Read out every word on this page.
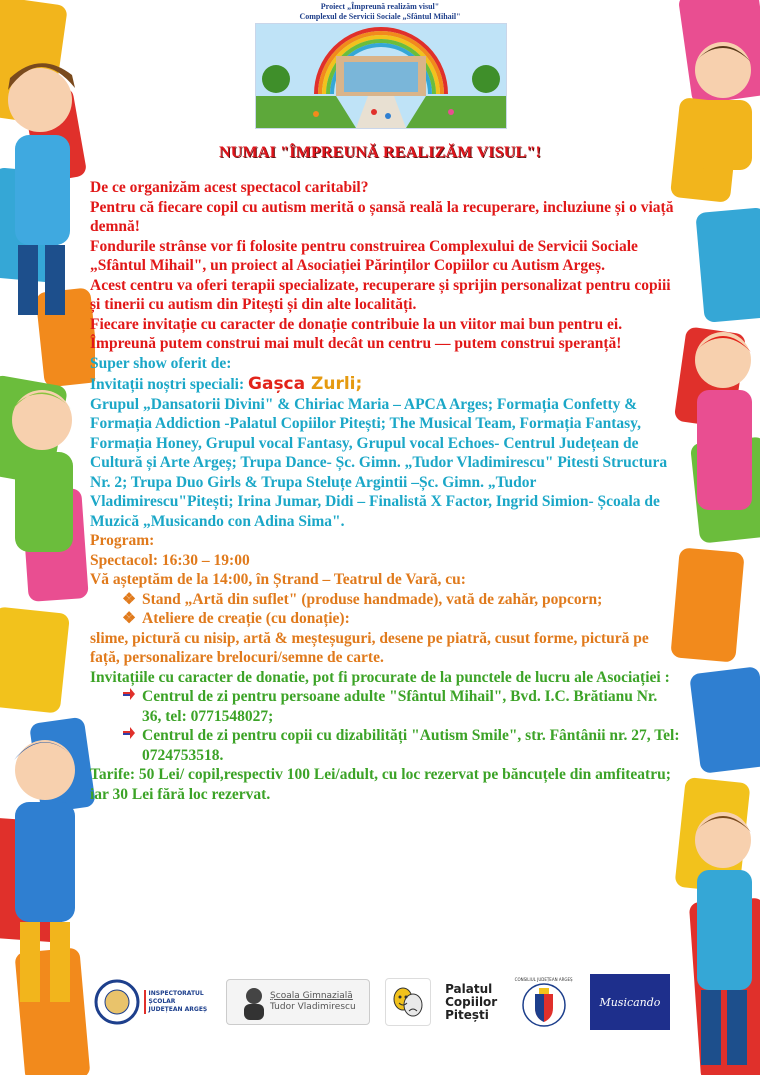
Proiect „Împreună realizăm visul"
Complexul de Servicii Sociale „Sfântul Mihail"
NUMAI "ÎMPREUNĂ REALIZĂM VISUL"!

De ce organizăm acest spectacol caritabil?

Pentru că fiecare copil cu autism merită o șansă reală la recuperare, incluziune și o viață demnă!

Fondurile strânse vor fi folosite pentru construirea Complexului de Servicii Sociale „Sfântul Mihail", un proiect al Asociației Părinților Copiilor cu Autism Argeș.

Acest centru va oferi terapii specializate, recuperare și sprijin personalizat pentru copiii și tinerii cu autism din Pitești și din alte localități.

Fiecare invitație cu caracter de donație contribuie la un viitor mai bun pentru ei.

Împreună putem construi mai mult decât un centru — putem construi speranță!

Super show oferit de:

Invitații noștri speciali: Gașca Zurli;

Grupul „Dansatorii Divini" & Chiriac Maria – APCA Arges; Formația Confetty & Formația Addiction -Palatul Copiilor Pitești; The Musical Team, Formația Fantasy, Formația Honey, Grupul vocal Fantasy, Grupul vocal Echoes- Centrul Județean de Cultură și Arte Argeș; Trupa Dance- Șc. Gimn. „Tudor Vladimirescu" Pitesti Structura Nr. 2; Trupa Duo Girls & Trupa Steluțe Argintii –Șc. Gimn. „Tudor Vladimirescu"Pitești; Irina Jumar, Didi – Finalistă X Factor, Ingrid Simion- Școala de Muzică „Musicando con Adina Sima".

Program:

Spectacol: 16:30 – 19:00

Vă așteptăm de la 14:00, în Ștrand – Teatrul de Vară, cu:

❖ Stand „Artă din suflet" (produse handmade), vată de zahăr, popcorn;
❖ Ateliere de creație (cu donație):

slime, pictură cu nisip, artă & meșteșuguri, desene pe piatră, cusut forme, pictură pe față, personalizare brelocuri/semne de carte.

Invitațiile cu caracter de donatie, pot fi procurate de la punctele de lucru ale Asociației :

Centrul de zi pentru persoane adulte "Sfântul Mihail", Bvd. I.C. Brătianu Nr. 36, tel: 0771548027;
Centrul de zi pentru copii cu dizabilități "Autism Smile", str. Fântânii nr. 27, Tel: 0724753518.

Tarife: 50 Lei/ copil,respectiv 100 Lei/adult, cu loc rezervat pe băncuțele din amfiteatru; iar 30 Lei fără loc rezervat.

INSPECTORATUL ȘCOLAR JUDEȚEAN ARGEȘ
Școala Gimnazială
Tudor Vladimirescu
Palatul
Copiilor
Pitești
CONSILIUL JUDEȚEAN ARGEȘ
Musicando
